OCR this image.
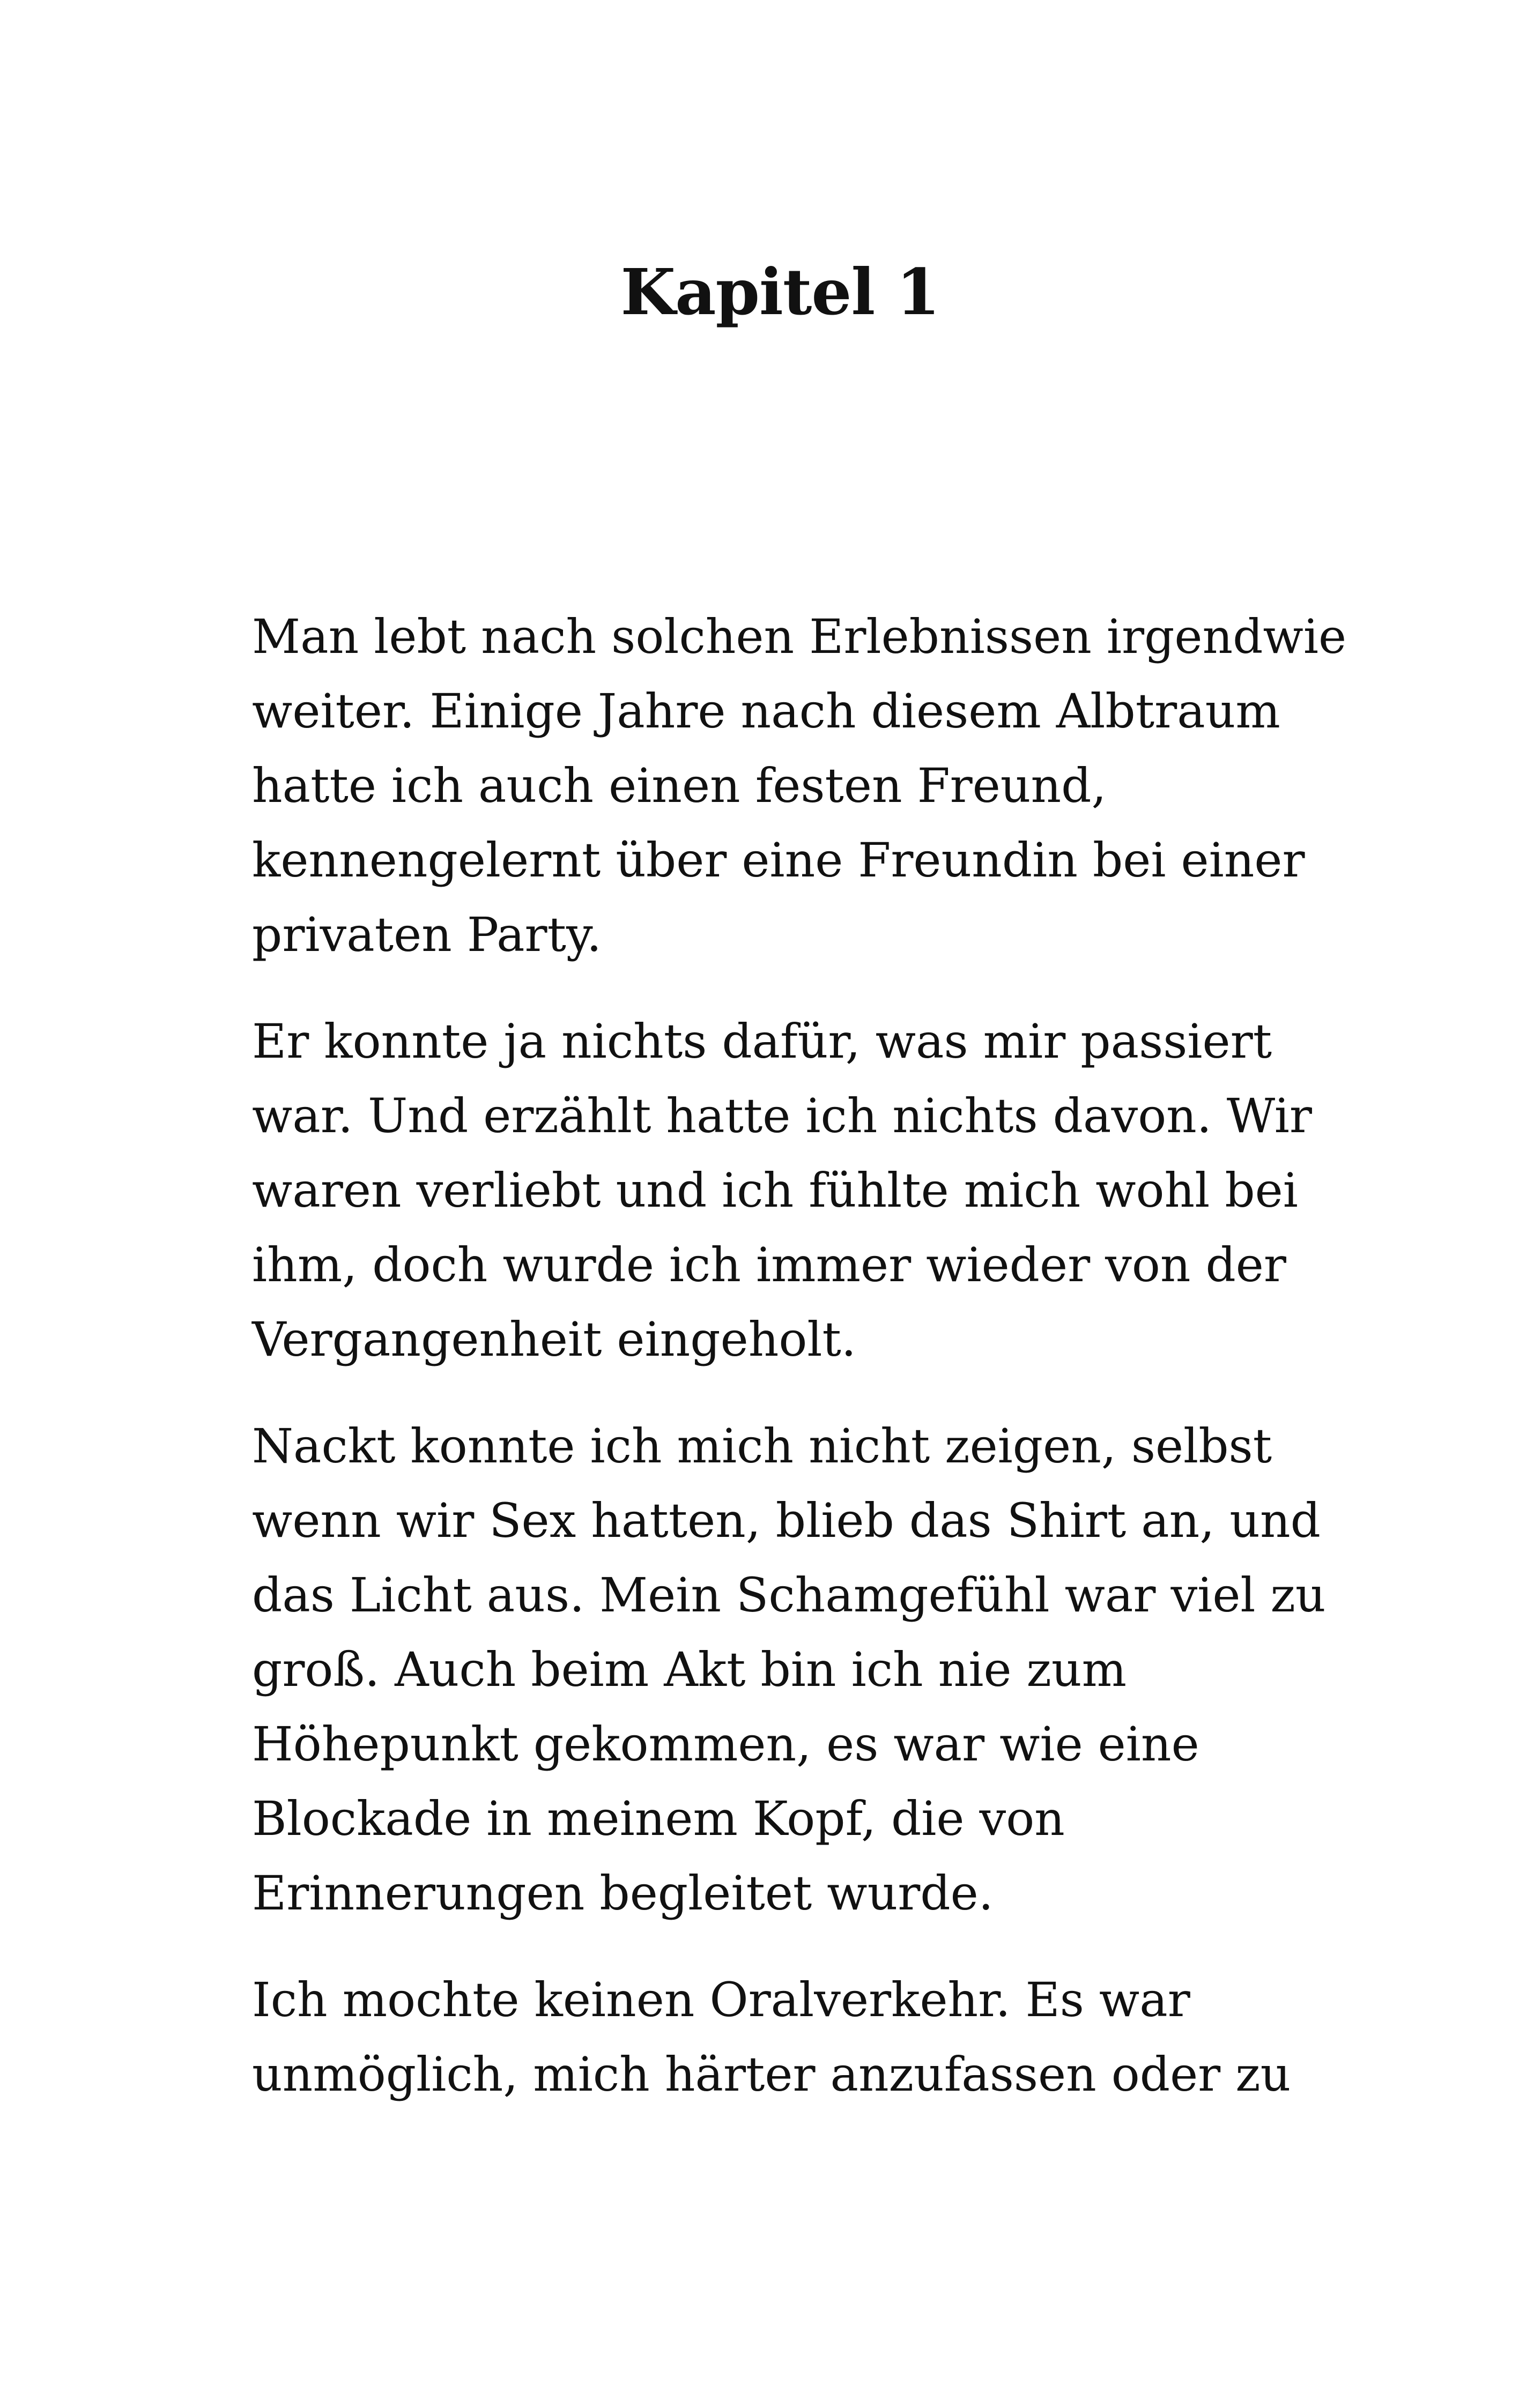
Kapitel 1

Man lebt nach solchen Erlebnissen irgendwie
weiter. Einige Jahre nach diesem Albtraum
hatte ich auch einen festen Freund,
kennengelernt über eine Freundin bei einer
privaten Party.

Er konnte ja nichts dafür, was mir passiert
war. Und erzählt hatte ich nichts davon. Wir
waren verliebt und ich fühlte mich wohl bei
ihm, doch wurde ich immer wieder von der
Vergangenheit eingeholt.

Nackt konnte ich mich nicht zeigen, selbst
wenn wir Sex hatten, blieb das Shirt an, und
das Licht aus. Mein Schamgefühl war viel zu
groß. Auch beim Akt bin ich nie zum
Höhepunkt gekommen, es war wie eine
Blockade in meinem Kopf, die von
Erinnerungen begleitet wurde.

Ich mochte keinen Oralverkehr. Es war
unmöglich, mich härter anzufassen oder zu
